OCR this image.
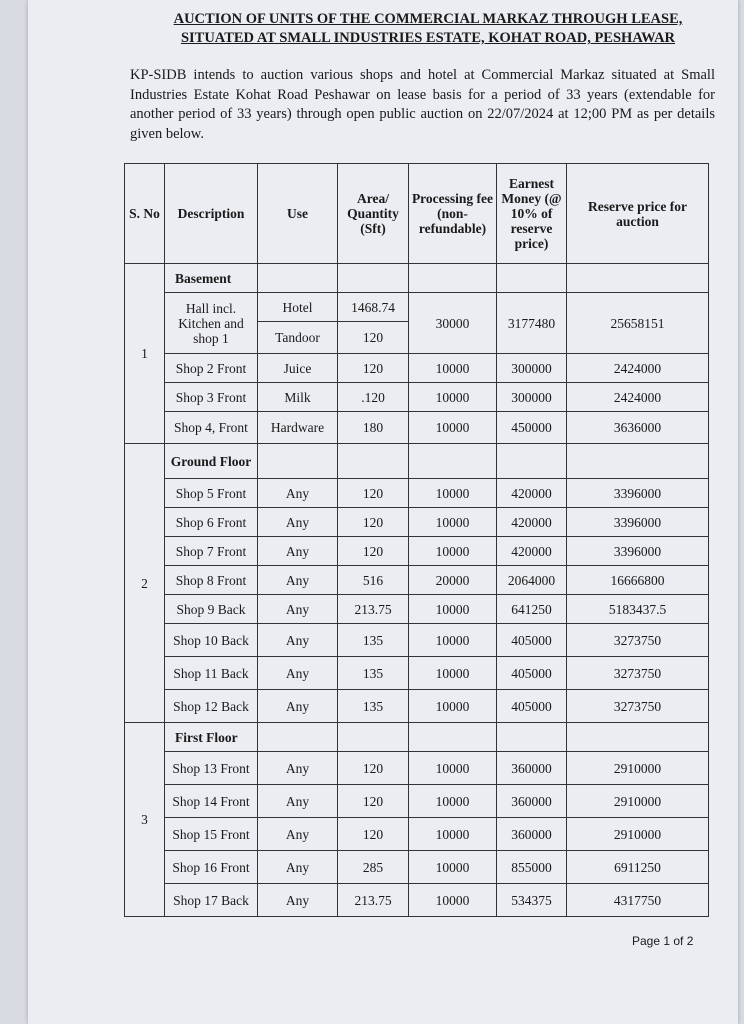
AUCTION OF UNITS OF THE COMMERCIAL MARKAZ THROUGH LEASE,
SITUATED AT SMALL INDUSTRIES ESTATE, KOHAT ROAD, PESHAWAR
KP-SIDB intends to auction various shops and hotel at Commercial Markaz situated at Small Industries Estate Kohat Road Peshawar on lease basis for a period of 33 years (extendable for another period of 33 years) through open public auction on 22/07/2024 at 12;00 PM as per details given below.
S. No	Description	Use	Area/ Quantity (Sft)	Processing fee (non-refundable)	Earnest Money (@ 10% of reserve price)	Reserve price for auction
1	Basement					
	Hall incl. Kitchen and shop 1	Hotel	1468.74	30000	3177480	25658151
		Tandoor	120			
	Shop 2 Front	Juice	120	10000	300000	2424000
	Shop 3 Front	Milk	.120	10000	300000	2424000
	Shop 4, Front	Hardware	180	10000	450000	3636000
2	Ground Floor					
	Shop 5 Front	Any	120	10000	420000	3396000
	Shop 6 Front	Any	120	10000	420000	3396000
	Shop 7 Front	Any	120	10000	420000	3396000
	Shop 8 Front	Any	516	20000	2064000	16666800
	Shop 9 Back	Any	213.75	10000	641250	5183437.5
	Shop 10 Back	Any	135	10000	405000	3273750
	Shop 11 Back	Any	135	10000	405000	3273750
	Shop 12 Back	Any	135	10000	405000	3273750
3	First Floor					
	Shop 13 Front	Any	120	10000	360000	2910000
	Shop 14 Front	Any	120	10000	360000	2910000
	Shop 15 Front	Any	120	10000	360000	2910000
	Shop 16 Front	Any	285	10000	855000	6911250
	Shop 17 Back	Any	213.75	10000	534375	4317750
Page 1 of 2
